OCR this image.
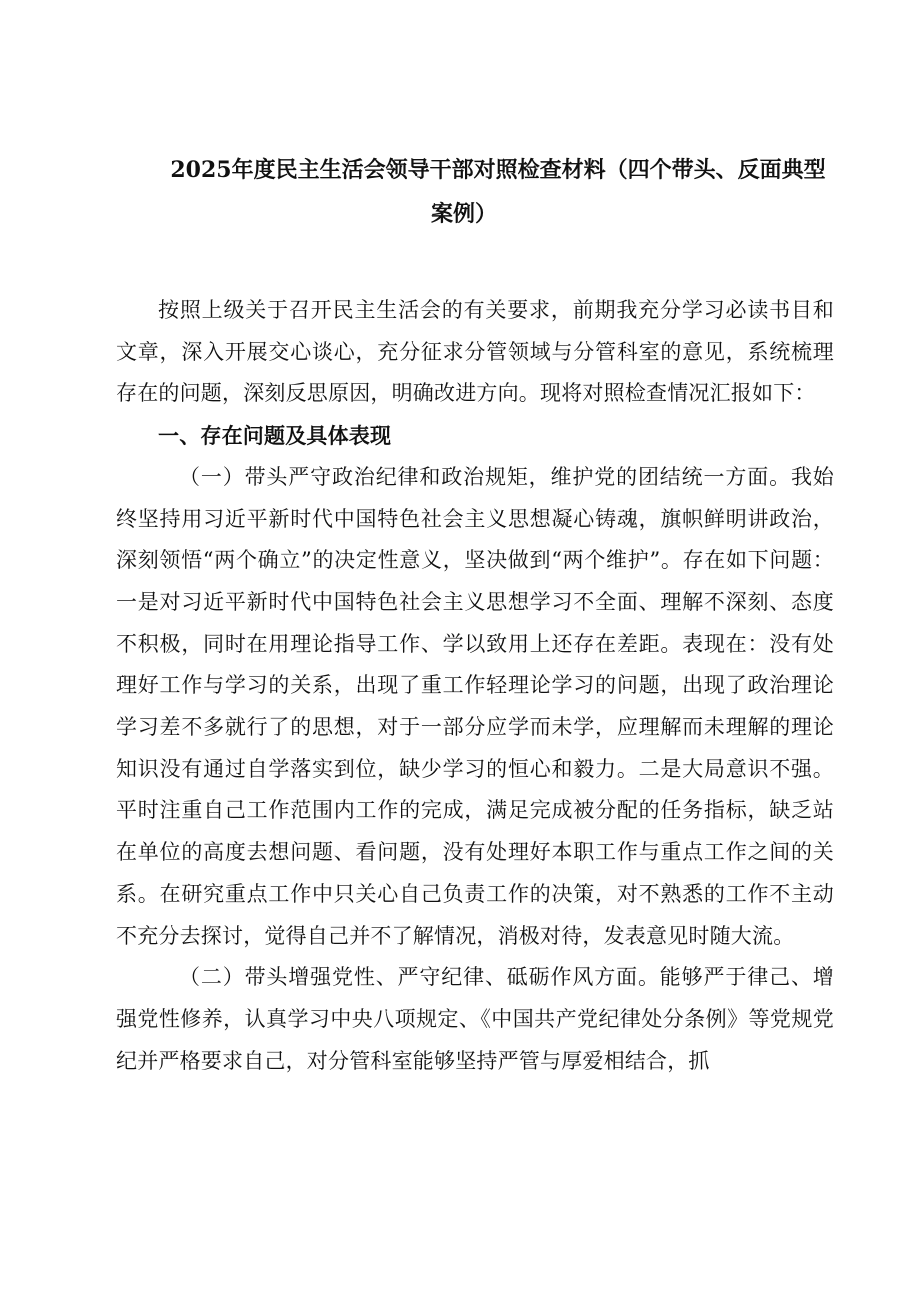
2025年度民主生活会领导干部对照检查材料（四个带头、反面典型
案例）

按照上级关于召开民主生活会的有关要求，前期我充分学习必读书目和文章，深入开展交心谈心，充分征求分管领域与分管科室的意见，系统梳理存在的问题，深刻反思原因，明确改进方向。现将对照检查情况汇报如下：

一、存在问题及具体表现

（一）带头严守政治纪律和政治规矩，维护党的团结统一方面。我始终坚持用习近平新时代中国特色社会主义思想凝心铸魂，旗帜鲜明讲政治，深刻领悟“两个确立”的决定性意义，坚决做到“两个维护”。存在如下问题：一是对习近平新时代中国特色社会主义思想学习不全面、理解不深刻、态度不积极，同时在用理论指导工作、学以致用上还存在差距。表现在：没有处理好工作与学习的关系，出现了重工作轻理论学习的问题，出现了政治理论学习差不多就行了的思想，对于一部分应学而未学，应理解而未理解的理论知识没有通过自学落实到位，缺少学习的恒心和毅力。二是大局意识不强。平时注重自己工作范围内工作的完成，满足完成被分配的任务指标，缺乏站在单位的高度去想问题、看问题，没有处理好本职工作与重点工作之间的关系。在研究重点工作中只关心自己负责工作的决策，对不熟悉的工作不主动不充分去探讨，觉得自己并不了解情况，消极对待，发表意见时随大流。

（二）带头增强党性、严守纪律、砥砺作风方面。能够严于律己、增强党性修养，认真学习中央八项规定、《中国共产党纪律处分条例》等党规党纪并严格要求自己，对分管科室能够坚持严管与厚爱相结合，抓
